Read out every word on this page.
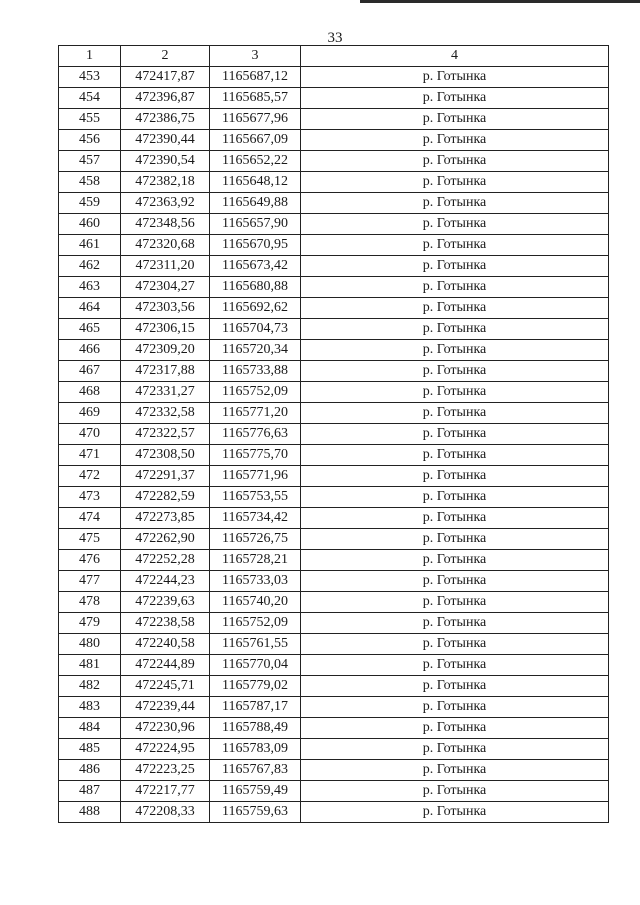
33
1	2	3	4
453	472417,87	1165687,12	р. Готынка
454	472396,87	1165685,57	р. Готынка
455	472386,75	1165677,96	р. Готынка
456	472390,44	1165667,09	р. Готынка
457	472390,54	1165652,22	р. Готынка
458	472382,18	1165648,12	р. Готынка
459	472363,92	1165649,88	р. Готынка
460	472348,56	1165657,90	р. Готынка
461	472320,68	1165670,95	р. Готынка
462	472311,20	1165673,42	р. Готынка
463	472304,27	1165680,88	р. Готынка
464	472303,56	1165692,62	р. Готынка
465	472306,15	1165704,73	р. Готынка
466	472309,20	1165720,34	р. Готынка
467	472317,88	1165733,88	р. Готынка
468	472331,27	1165752,09	р. Готынка
469	472332,58	1165771,20	р. Готынка
470	472322,57	1165776,63	р. Готынка
471	472308,50	1165775,70	р. Готынка
472	472291,37	1165771,96	р. Готынка
473	472282,59	1165753,55	р. Готынка
474	472273,85	1165734,42	р. Готынка
475	472262,90	1165726,75	р. Готынка
476	472252,28	1165728,21	р. Готынка
477	472244,23	1165733,03	р. Готынка
478	472239,63	1165740,20	р. Готынка
479	472238,58	1165752,09	р. Готынка
480	472240,58	1165761,55	р. Готынка
481	472244,89	1165770,04	р. Готынка
482	472245,71	1165779,02	р. Готынка
483	472239,44	1165787,17	р. Готынка
484	472230,96	1165788,49	р. Готынка
485	472224,95	1165783,09	р. Готынка
486	472223,25	1165767,83	р. Готынка
487	472217,77	1165759,49	р. Готынка
488	472208,33	1165759,63	р. Готынка
